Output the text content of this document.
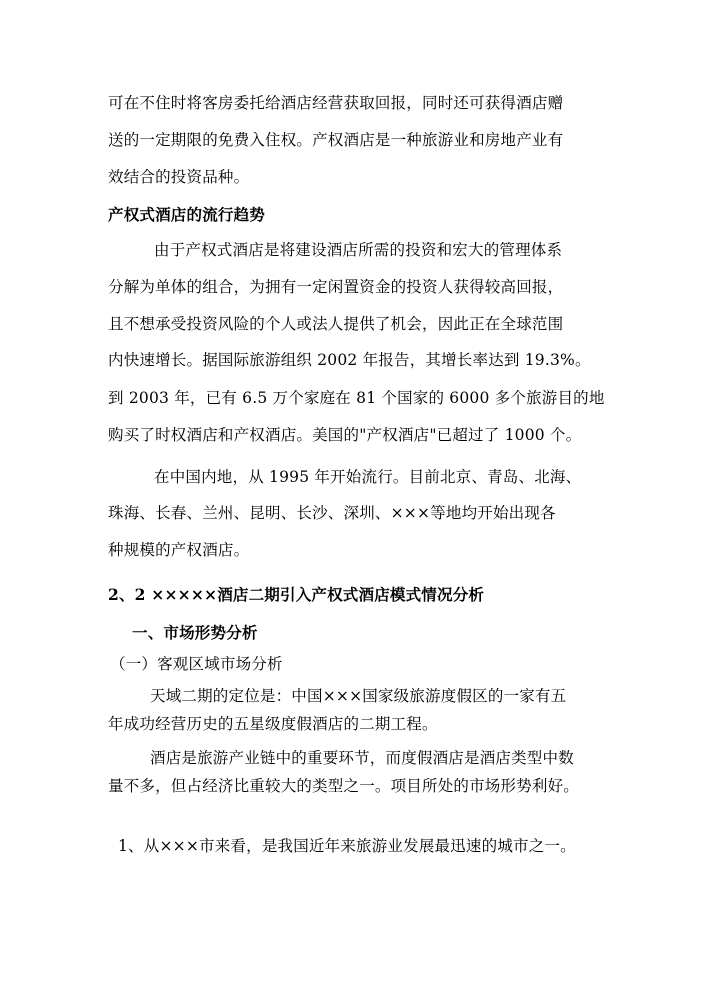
可在不住时将客房委托给酒店经营获取回报，同时还可获得酒店赠
送的一定期限的免费入住权。产权酒店是一种旅游业和房地产业有
效结合的投资品种。
产权式酒店的流行趋势
由于产权式酒店是将建设酒店所需的投资和宏大的管理体系
分解为单体的组合，为拥有一定闲置资金的投资人获得较高回报，
且不想承受投资风险的个人或法人提供了机会，因此正在全球范围
内快速增长。据国际旅游组织 2002 年报告，其增长率达到 19.3%。
到 2003 年，已有 6.5 万个家庭在 81 个国家的 6000 多个旅游目的地
购买了时权酒店和产权酒店。美国的"产权酒店"已超过了 1000 个。
在中国内地，从 1995 年开始流行。目前北京、青岛、北海、
珠海、长春、兰州、昆明、长沙、深圳、×××等地均开始出现各
种规模的产权酒店。
2、2 ×××××酒店二期引入产权式酒店模式情况分析
一、市场形势分析
（一）客观区域市场分析
天域二期的定位是：中国×××国家级旅游度假区的一家有五
年成功经营历史的五星级度假酒店的二期工程。
酒店是旅游产业链中的重要环节，而度假酒店是酒店类型中数
量不多，但占经济比重较大的类型之一。项目所处的市场形势利好。
1、从×××市来看，是我国近年来旅游业发展最迅速的城市之一。
